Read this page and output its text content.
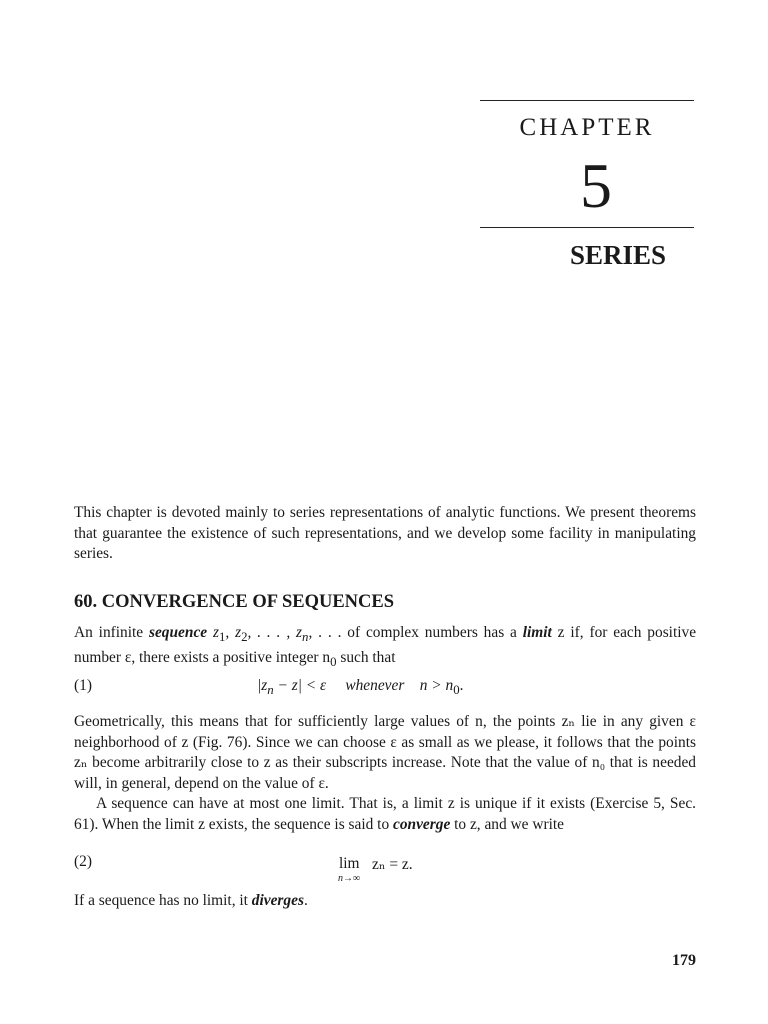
CHAPTER
5
SERIES
This chapter is devoted mainly to series representations of analytic functions. We present theorems that guarantee the existence of such representations, and we develop some facility in manipulating series.
60. CONVERGENCE OF SEQUENCES
An infinite sequence $z_1$, $z_2$, . . . , $z_n$, . . . of complex numbers has a limit z if, for each positive number ε, there exists a positive integer $n_0$ such that
(1)	$|z_n - z| < \varepsilon$     whenever    $n > n_0$.
Geometrically, this means that for sufficiently large values of n, the points zₙ lie in any given ε neighborhood of z (Fig. 76). Since we can choose ε as small as we please, it follows that the points zₙ become arbitrarily close to z as their subscripts increase. Note that the value of n₀ that is needed will, in general, depend on the value of ε.
A sequence can have at most one limit. That is, a limit z is unique if it exists (Exercise 5, Sec. 61). When the limit z exists, the sequence is said to converge to z, and we write
(2)	lim
n→∞
zₙ = z.
If a sequence has no limit, it diverges.
179
